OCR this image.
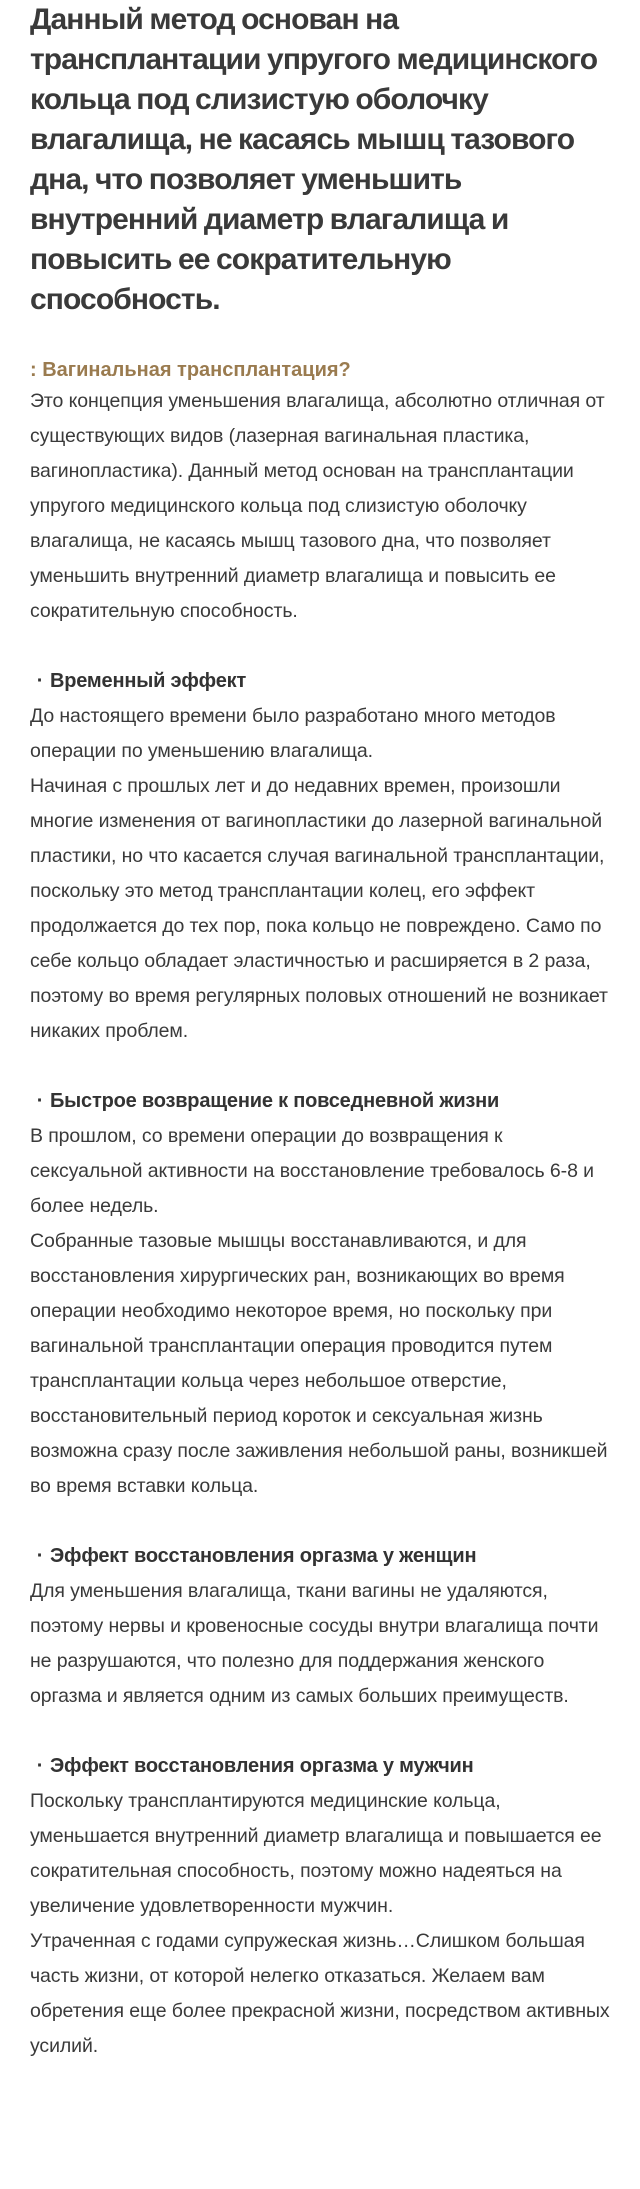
Данный метод основан на трансплантации упругого медицинского кольца под слизистую оболочку влагалища, не касаясь мышц тазового дна, что позволяет уменьшить внутренний диаметр влагалища и повысить ее сократительную способность.

: Вагинальная трансплантация?

Это концепция уменьшения влагалища, абсолютно отличная от существующих видов (лазерная вагинальная пластика, вагинопластика). Данный метод основан на трансплантации упругого медицинского кольца под слизистую оболочку влагалища, не касаясь мышц тазового дна, что позволяет уменьшить внутренний диаметр влагалища и повысить ее сократительную способность.

· Временный эффект

До настоящего времени было разработано много методов операции по уменьшению влагалища.

Начиная с прошлых лет и до недавних времен, произошли многие изменения от вагинопластики до лазерной вагинальной пластики, но что касается случая вагинальной трансплантации, поскольку это метод трансплантации колец, его эффект продолжается до тех пор, пока кольцо не повреждено. Само по себе кольцо обладает эластичностью и расширяется в 2 раза, поэтому во время регулярных половых отношений не возникает никаких проблем.

· Быстрое возвращение к повседневной жизни

В прошлом, со времени операции до возвращения к сексуальной активности на восстановление требовалось 6-8 и более недель.

Собранные тазовые мышцы восстанавливаются, и для восстановления хирургических ран, возникающих во время операции необходимо некоторое время, но поскольку при вагинальной трансплантации операция проводится путем трансплантации кольца через небольшое отверстие, восстановительный период короток и сексуальная жизнь возможна сразу после заживления небольшой раны, возникшей во время вставки кольца.

· Эффект восстановления оргазма у женщин

Для уменьшения влагалища, ткани вагины не удаляются, поэтому нервы и кровеносные сосуды внутри влагалища почти не разрушаются, что полезно для поддержания женского оргазма и является одним из самых больших преимуществ.

· Эффект восстановления оргазма у мужчин

Поскольку трансплантируются медицинские кольца, уменьшается внутренний диаметр влагалища и повышается ее сократительная способность, поэтому можно надеяться на увеличение удовлетворенности мужчин.

Утраченная с годами супружеская жизнь…Слишком большая часть жизни, от которой нелегко отказаться. Желаем вам обретения еще более прекрасной жизни, посредством активных усилий.
